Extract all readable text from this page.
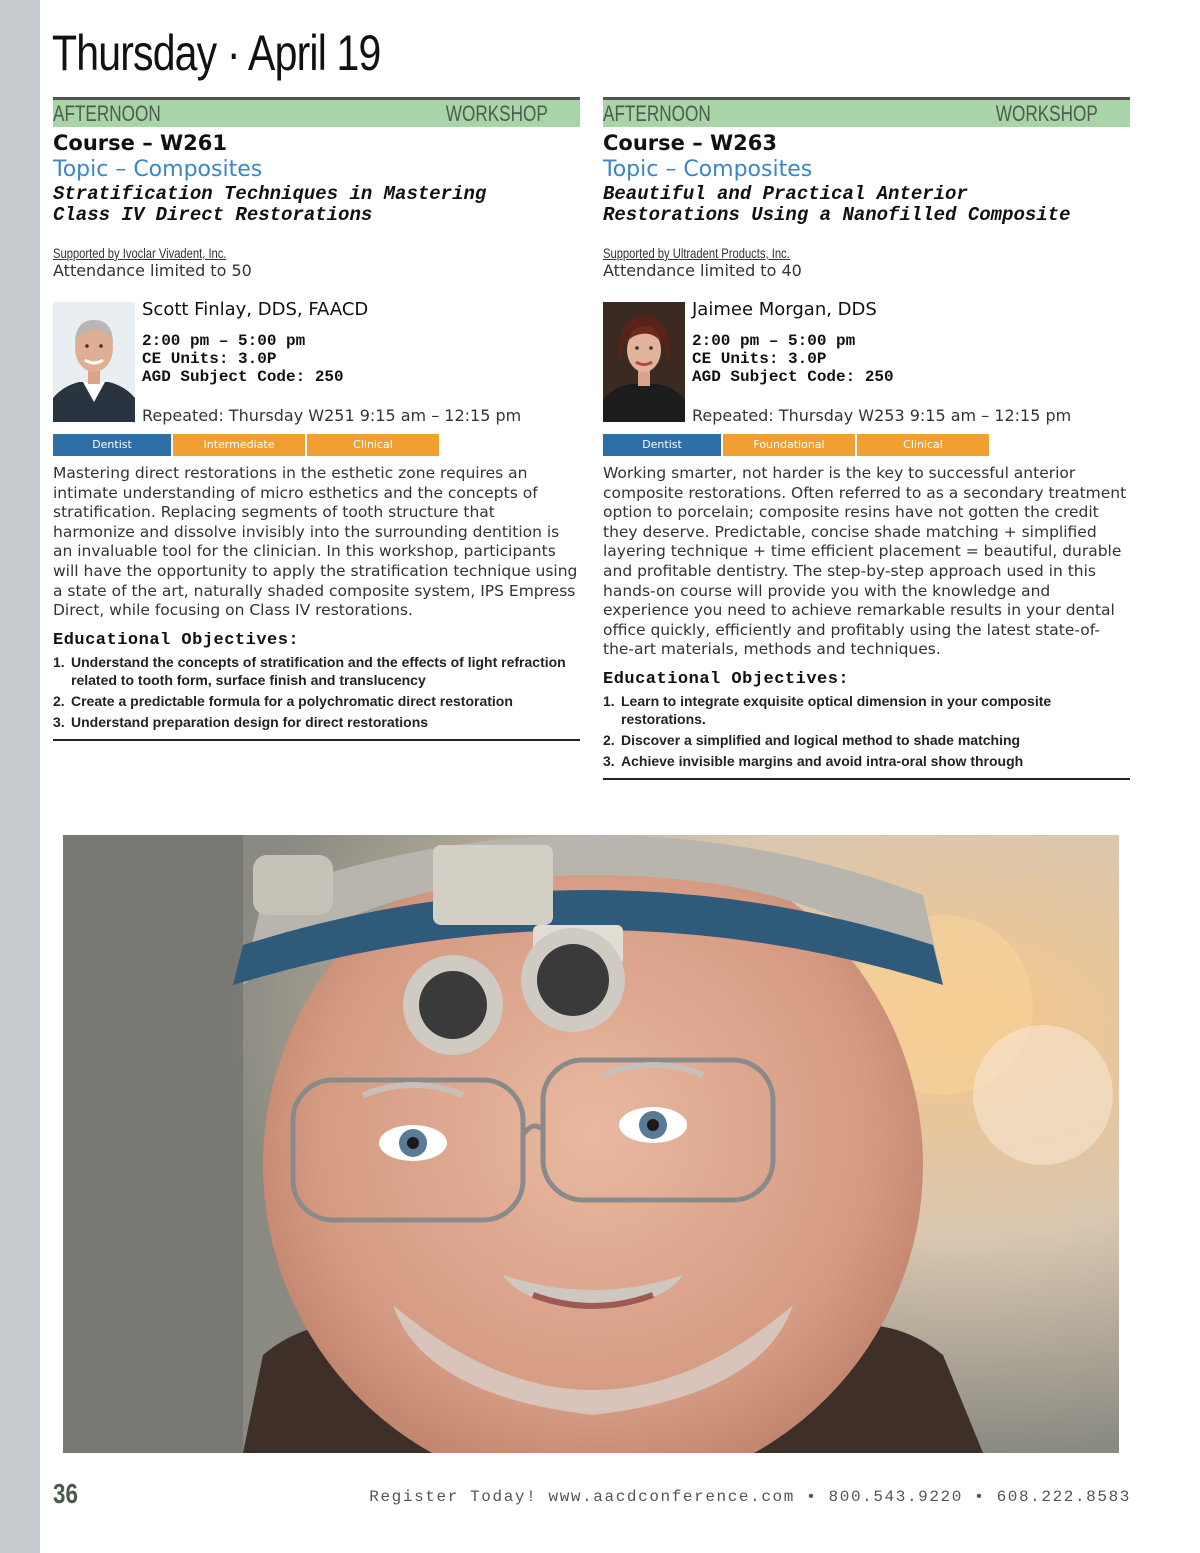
Thursday · April 19
AFTERNOON	WORKSHOP
Course – W261
Topic – Composites
Stratification Techniques in Mastering
Class IV Direct Restorations
Supported by Ivoclar Vivadent, Inc.
Attendance limited to 50
Scott Finlay, DDS, FAACD
2:00 pm – 5:00 pm
CE Units: 3.0P
AGD Subject Code: 250
Repeated: Thursday W251 9:15 am – 12:15 pm
Dentist	Intermediate	Clinical
Mastering direct restorations in the esthetic zone requires an intimate understanding of micro esthetics and the concepts of stratification. Replacing segments of tooth structure that harmonize and dissolve invisibly into the surrounding dentition is an invaluable tool for the clinician. In this workshop, participants will have the opportunity to apply the stratification technique using a state of the art, naturally shaded composite system, IPS Empress Direct, while focusing on Class IV restorations.
Educational Objectives:
1. Understand the concepts of stratification and the effects of light refraction related to tooth form, surface finish and translucency
2. Create a predictable formula for a polychromatic direct restoration
3. Understand preparation design for direct restorations
AFTERNOON	WORKSHOP
Course – W263
Topic – Composites
Beautiful and Practical Anterior
Restorations Using a Nanofilled Composite
Supported by Ultradent Products, Inc.
Attendance limited to 40
Jaimee Morgan, DDS
2:00 pm – 5:00 pm
CE Units: 3.0P
AGD Subject Code: 250
Repeated: Thursday W253 9:15 am – 12:15 pm
Dentist	Foundational	Clinical
Working smarter, not harder is the key to successful anterior composite restorations. Often referred to as a secondary treatment option to porcelain; composite resins have not gotten the credit they deserve. Predictable, concise shade matching + simplified layering technique + time efficient placement = beautiful, durable and profitable dentistry. The step-by-step approach used in this hands-on course will provide you with the knowledge and experience you need to achieve remarkable results in your dental office quickly, efficiently and profitably using the latest state-of-the-art materials, methods and techniques.
Educational Objectives:
1. Learn to integrate exquisite optical dimension in your composite restorations.
2. Discover a simplified and logical method to shade matching
3. Achieve invisible margins and avoid intra-oral show through
36	Register Today! www.aacdconference.com • 800.543.9220 • 608.222.8583
